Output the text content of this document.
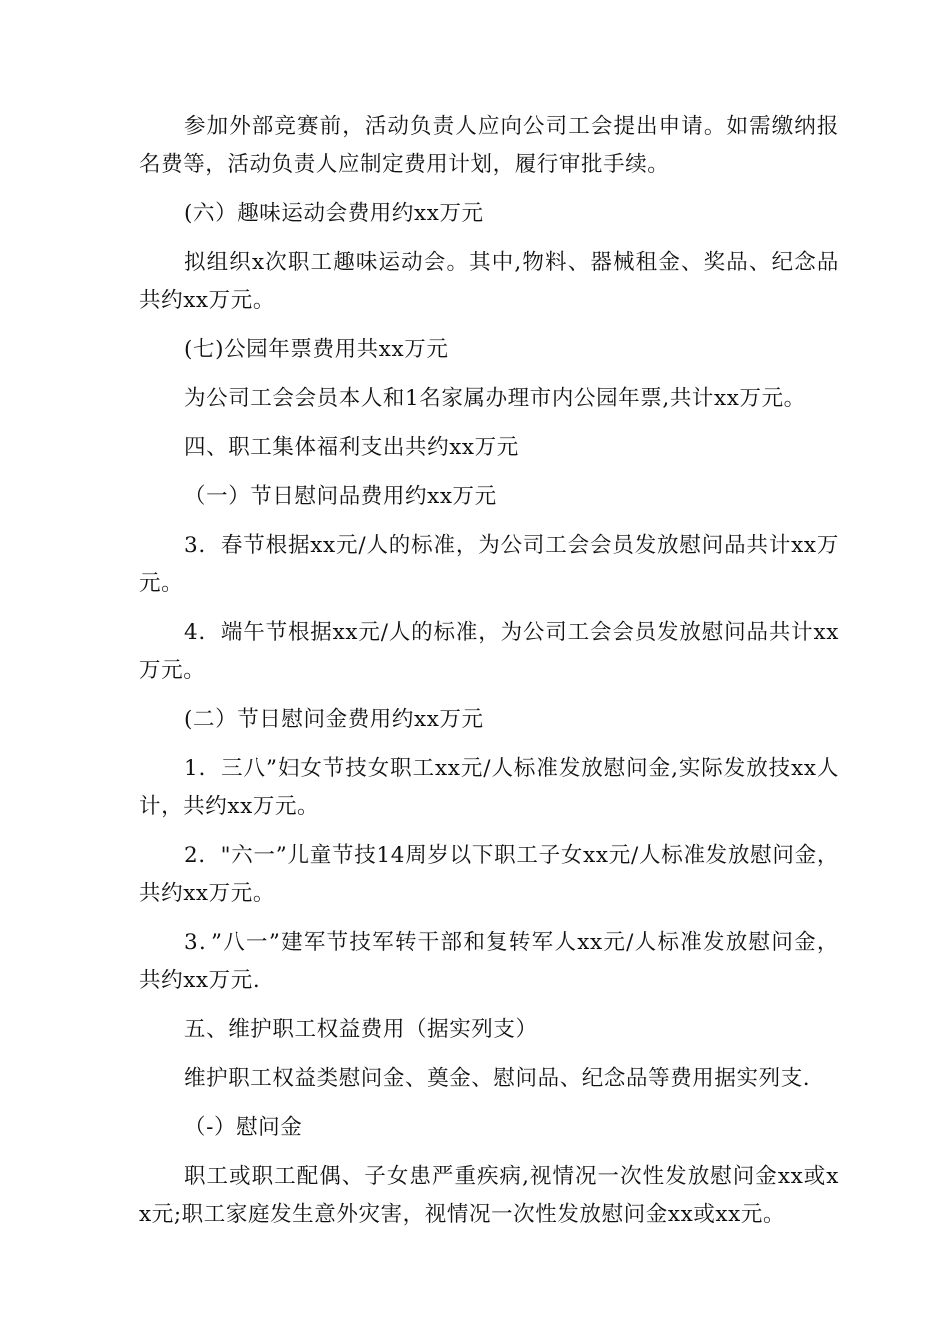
参加外部竞赛前，活动负责人应向公司工会提出申请。如需缴纳报名费等，活动负责人应制定费用计划，履行审批手续。

(六）趣味运动会费用约xx万元

拟组织x次职工趣味运动会。其中,物料、器械租金、奖品、纪念品共约xx万元。

(七)公园年票费用共xx万元

为公司工会会员本人和1名家属办理市内公园年票,共计xx万元。

四、职工集体福利支出共约xx万元

（一）节日慰问品费用约xx万元

3．春节根据xx元/人的标准，为公司工会会员发放慰问品共计xx万元。

4．端午节根据xx元/人的标准，为公司工会会员发放慰问品共计xx万元。

(二）节日慰问金费用约xx万元

1．三八”妇女节技女职工xx元/人标准发放慰问金,实际发放技xx人计，共约xx万元。

2．"六一”儿童节技14周岁以下职工子女xx元/人标准发放慰问金，共约xx万元。

3．”八一”建军节技军转干部和复转军人xx元/人标准发放慰问金，共约xx万元.

五、维护职工权益费用（据实列支）

维护职工权益类慰问金、奠金、慰问品、纪念品等费用据实列支.

（-）慰问金

职工或职工配偶、子女患严重疾病,视情况一次性发放慰问金xx或xx元;职工家庭发生意外灾害，视情况一次性发放慰问金xx或xx元。
